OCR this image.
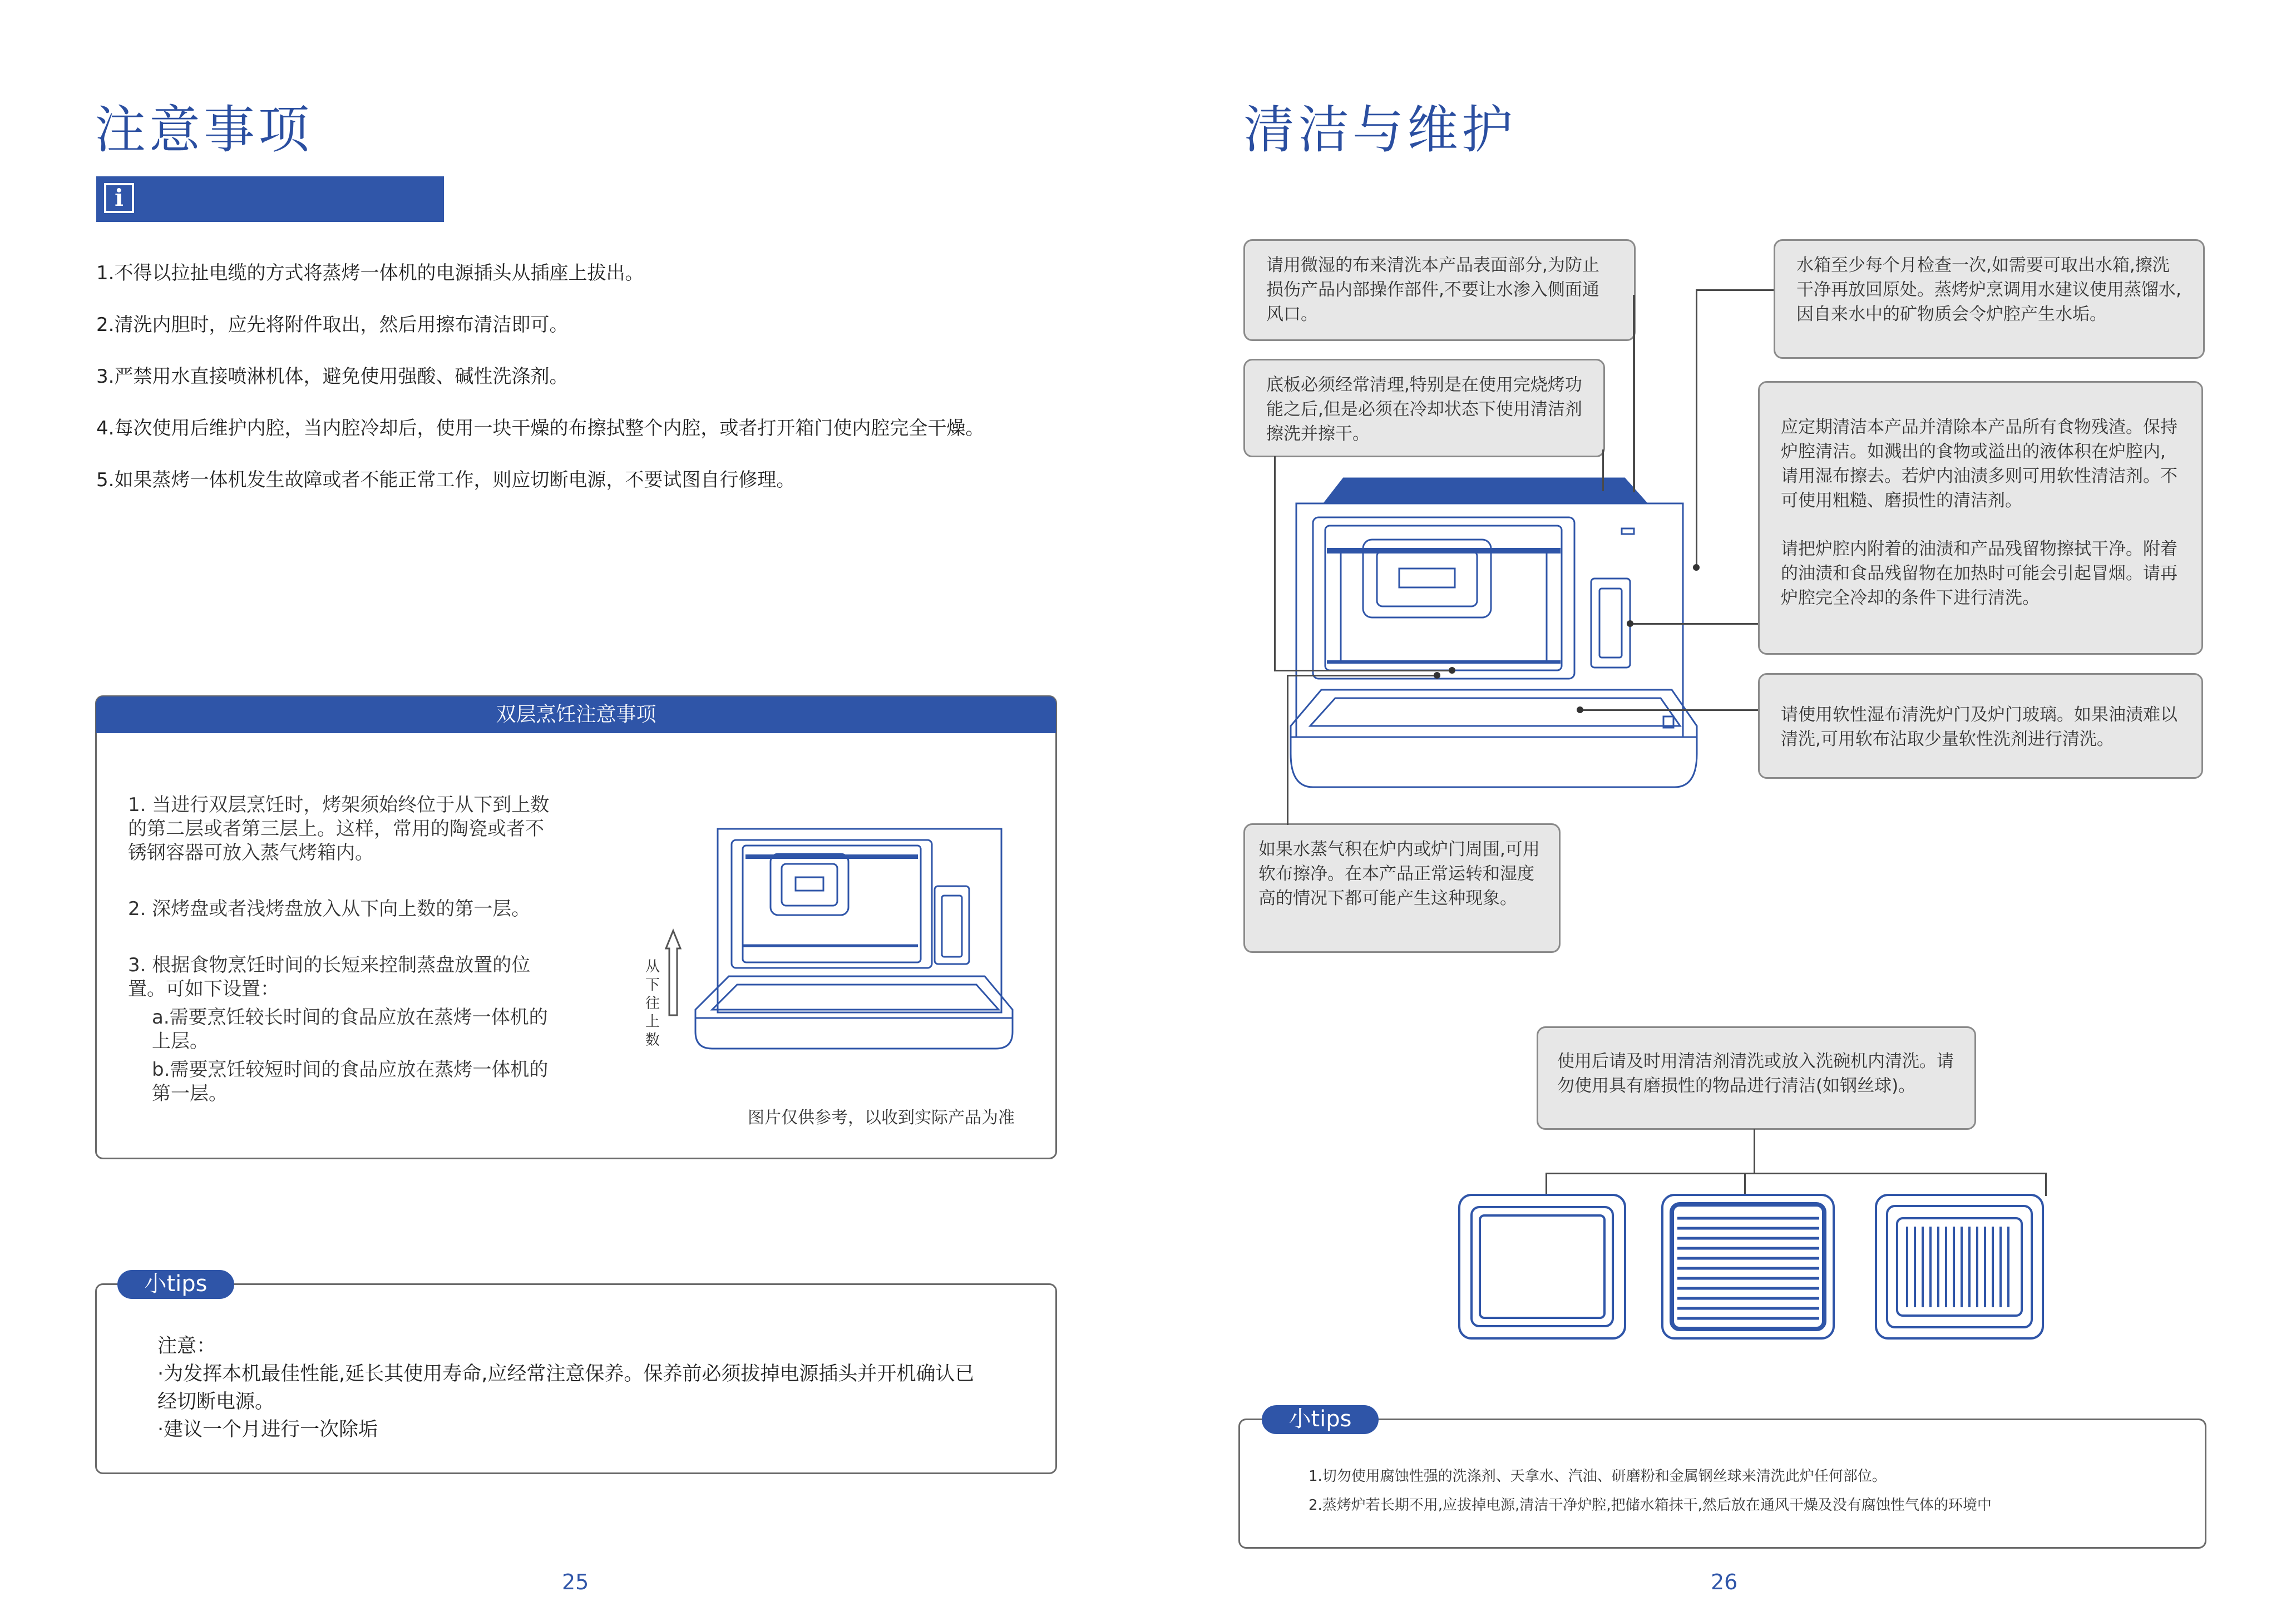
注意事项
i

1.不得以拉扯电缆的方式将蒸烤一体机的电源插头从插座上拔出。

2.清洗内胆时，应先将附件取出，然后用擦布清洁即可。

3.严禁用水直接喷淋机体，避免使用强酸、碱性洗涤剂。

4.每次使用后维护内腔，当内腔冷却后，使用一块干燥的布擦拭整个内腔，或者打开箱门使内腔完全干燥。

5.如果蒸烤一体机发生故障或者不能正常工作，则应切断电源，不要试图自行修理。

双层烹饪注意事项
1. 当进行双层烹饪时，烤架须始终位于从下到上数的第二层或者第三层上。这样，常用的陶瓷或者不锈钢容器可放入蒸气烤箱内。
2. 深烤盘或者浅烤盘放入从下向上数的第一层。
3. 根据食物烹饪时间的长短来控制蒸盘放置的位置。可如下设置：
a.需要烹饪较长时间的食品应放在蒸烤一体机的上层。
b.需要烹饪较短时间的食品应放在蒸烤一体机的第一层。
从下往上数
图片仅供参考，以收到实际产品为准
小tips
注意：
·为发挥本机最佳性能,延长其使用寿命,应经常注意保养。保养前必须拔掉电源插头并开机确认已经切断电源。
·建议一个月进行一次除垢
25
清洁与维护
请用微湿的布来清洗本产品表面部分,为防止损伤产品内部操作部件,不要让水渗入侧面通风口。
底板必须经常清理,特别是在使用完烧烤功能之后,但是必须在冷却状态下使用清洁剂擦洗并擦干。
如果水蒸气积在炉内或炉门周围,可用软布擦净。在本产品正常运转和湿度高的情况下都可能产生这种现象。
水箱至少每个月检查一次,如需要可取出水箱,擦洗干净再放回原处。蒸烤炉烹调用水建议使用蒸馏水,因自来水中的矿物质会令炉腔产生水垢。
应定期清洁本产品并清除本产品所有食物残渣。保持炉腔清洁。如溅出的食物或溢出的液体积在炉腔内,请用湿布擦去。若炉内油渍多则可用软性清洁剂。不可使用粗糙、磨损性的清洁剂。
请把炉腔内附着的油渍和产品残留物擦拭干净。附着的油渍和食品残留物在加热时可能会引起冒烟。请再炉腔完全冷却的条件下进行清洗。
请使用软性湿布清洗炉门及炉门玻璃。如果油渍难以清洗,可用软布沾取少量软性洗剂进行清洗。
使用后请及时用清洁剂清洗或放入洗碗机内清洗。请勿使用具有磨损性的物品进行清洁(如钢丝球)。
小tips
1.切勿使用腐蚀性强的洗涤剂、天拿水、汽油、研磨粉和金属钢丝球来清洗此炉任何部位。
2.蒸烤炉若长期不用,应拔掉电源,清洁干净炉腔,把储水箱抹干,然后放在通风干燥及没有腐蚀性气体的环境中
26
